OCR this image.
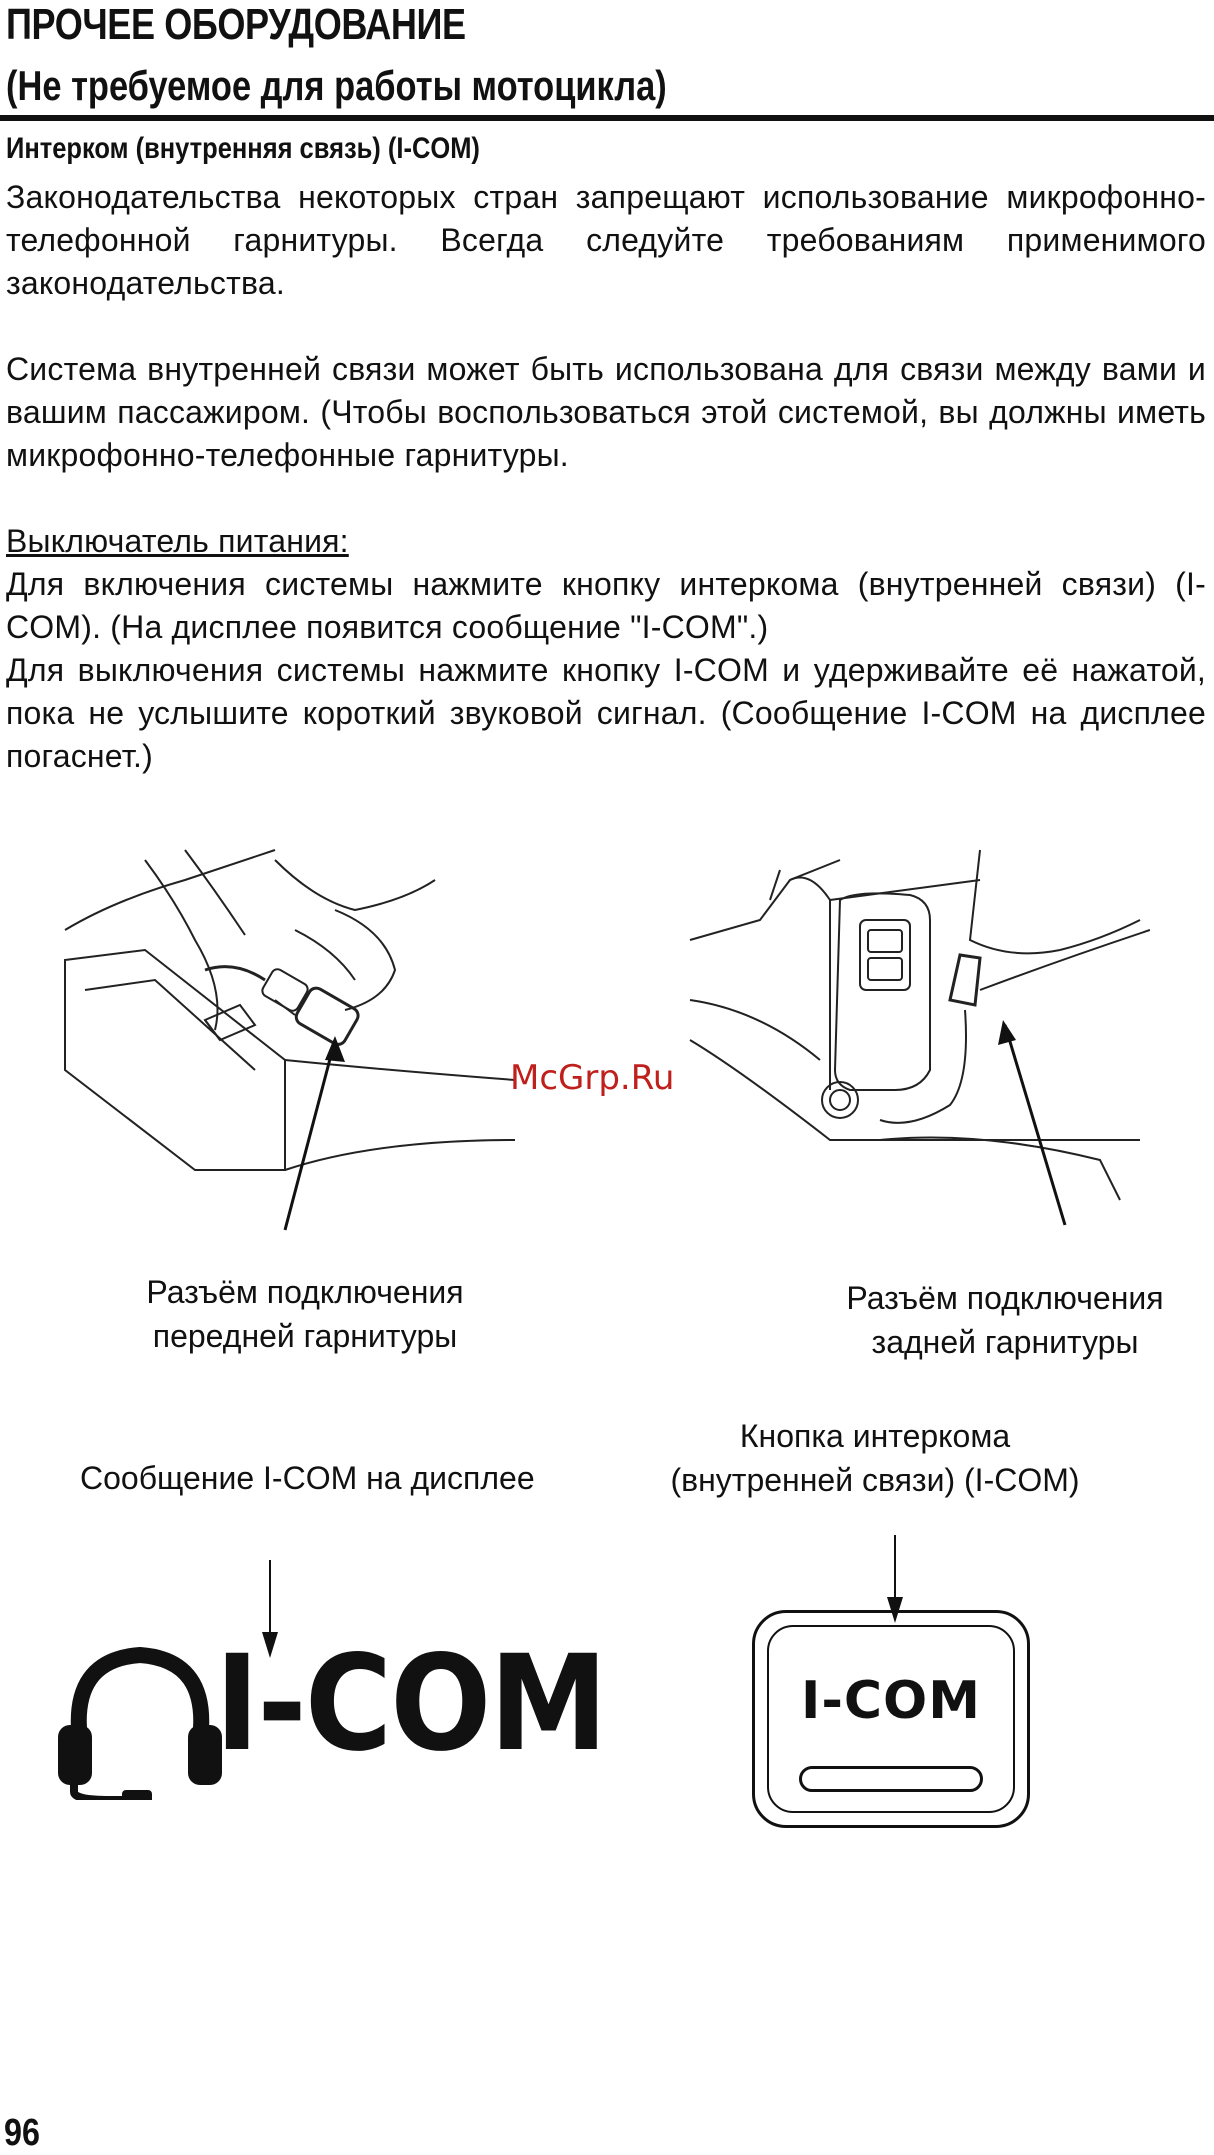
ПРОЧЕЕ ОБОРУДОВАНИЕ
(Не требуемое для работы мотоцикла)
Интерком (внутренняя связь) (I-COM)
Законодательства некоторых стран запрещают использование микрофонно-телефонной гарнитуры. Всегда следуйте требованиям применимого законодательства.
Система внутренней связи может быть использована для связи между вами и вашим пассажиром. (Чтобы воспользоваться этой системой, вы должны иметь микрофонно-телефонные гарнитуры.
Выключатель питания:
Для включения системы нажмите кнопку интеркома (внутренней связи) (I-COM). (На дисплее появится сообщение "I-COM".)
Для выключения системы нажмите кнопку I-COM и удерживайте её нажатой, пока не услышите короткий звуковой сигнал. (Сообщение I-COM на дисплее погаснет.)
McGrp.Ru
Разъём подключения
передней гарнитуры
Разъём подключения
задней гарнитуры
Сообщение I-COM на дисплее
Кнопка интеркома
(внутренней связи) (I-COM)
I-COM	I-COM
96
